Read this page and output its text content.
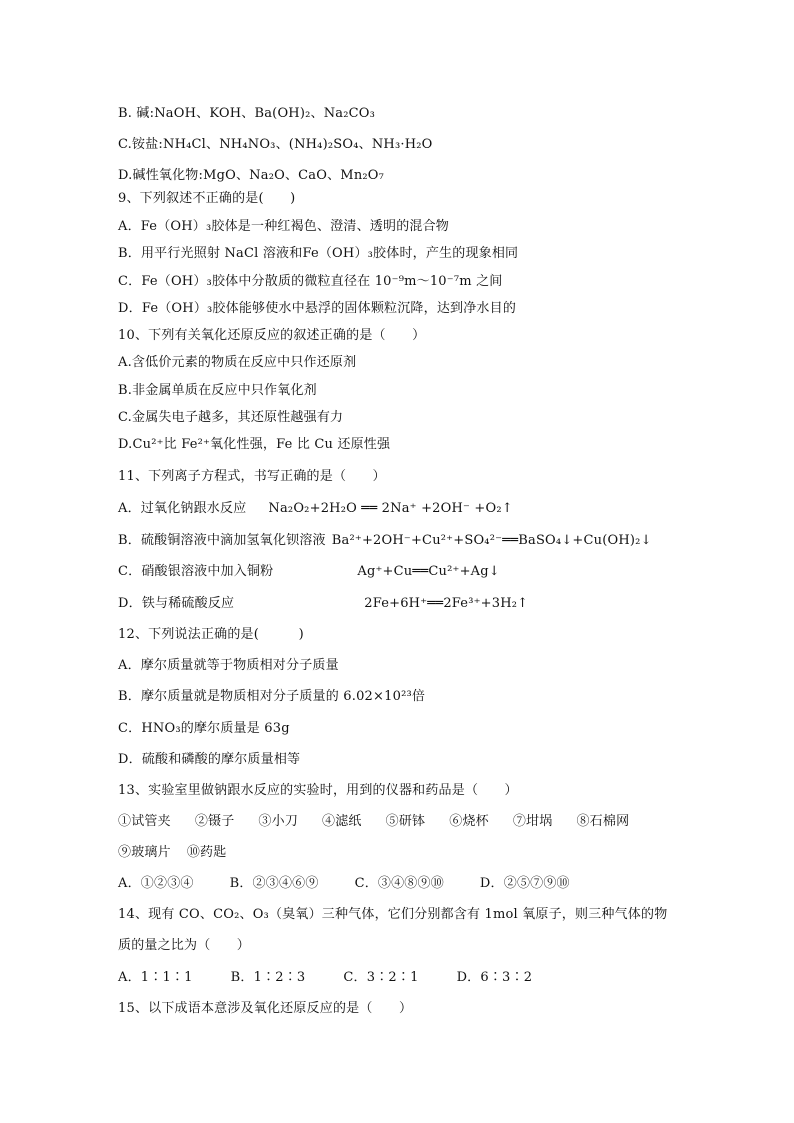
B. 碱:NaOH、KOH、Ba(OH)₂、Na₂CO₃
C.铵盐:NH₄Cl、NH₄NO₃、(NH₄)₂SO₄、NH₃·H₂O
D.碱性氧化物:MgO、Na₂O、CaO、Mn₂O₇
9、下列叙述不正确的是(　　)
A．Fe（OH）₃胶体是一种红褐色、澄清、透明的混合物
B．用平行光照射 NaCl 溶液和Fe（OH）₃胶体时，产生的现象相同
C．Fe（OH）₃胶体中分散质的微粒直径在 10⁻⁹m～10⁻⁷m 之间
D．Fe（OH）₃胶体能够使水中悬浮的固体颗粒沉降，达到净水目的
10、下列有关氧化还原反应的叙述正确的是（　　）
A.含低价元素的物质在反应中只作还原剂
B.非金属单质在反应中只作氧化剂
C.金属失电子越多，其还原性越强有力
D.Cu²⁺比 Fe²⁺氧化性强，Fe 比 Cu 还原性强
11、下列离子方程式，书写正确的是（　　）
A．过氧化钠跟水反应 Na₂O₂+2H₂O ══ 2Na⁺ +2OH⁻ +O₂↑
B．硫酸铜溶液中滴加氢氧化钡溶液 Ba²⁺+2OH⁻+Cu²⁺+SO₄²⁻══BaSO₄↓+Cu(OH)₂↓
C．硝酸银溶液中加入铜粉	Ag⁺+Cu══Cu²⁺+Ag↓
D．铁与稀硫酸反应	2Fe+6H⁺══2Fe³⁺+3H₂↑
12、下列说法正确的是(　　　)
A．摩尔质量就等于物质相对分子质量
B．摩尔质量就是物质相对分子质量的 6.02×10²³倍
C．HNO₃的摩尔质量是 63g
D．硫酸和磷酸的摩尔质量相等
13、实验室里做钠跟水反应的实验时，用到的仪器和药品是（　　）
①试管夹 ②镊子 ③小刀 ④滤纸 ⑤研钵 ⑥烧杯 ⑦坩埚 ⑧石棉网
⑨玻璃片 ⑩药匙
A．①②③④	B．②③④⑥⑨	C．③④⑧⑨⑩	D．②⑤⑦⑨⑩
14、现有 CO、CO₂、O₃（臭氧）三种气体，它们分别都含有 1mol 氧原子，则三种气体的物
质的量之比为（　　）
A．1∶1∶1	B．1∶2∶3	C．3∶2∶1	D．6∶3∶2
15、以下成语本意涉及氧化还原反应的是（　　）
